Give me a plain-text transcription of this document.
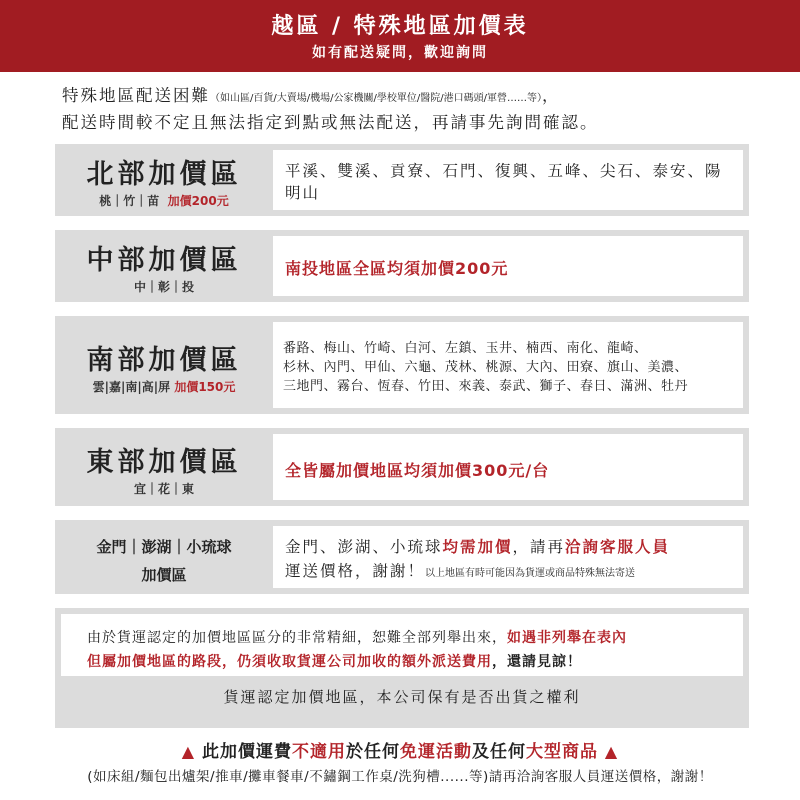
越區 / 特殊地區加價表
如有配送疑問，歡迎詢問
特殊地區配送困難（如山區/百貨/大賣場/機場/公家機關/學校單位/醫院/港口碼頭/軍營……等），
配送時間較不定且無法指定到點或無法配送，再請事先詢問確認。
北部加價區
桃｜竹｜苗 加價200元
平溪、雙溪、貢寮、石門、復興、五峰、尖石、泰安、陽明山
中部加價區
中｜彰｜投
南投地區全區均須加價200元
南部加價區
雲|嘉|南|高|屏 加價150元
番路、梅山、竹崎、白河、左鎮、玉井、楠西、南化、龍崎、
杉林、內門、甲仙、六龜、茂林、桃源、大內、田寮、旗山、美濃、
三地門、霧台、恆春、竹田、來義、泰武、獅子、春日、滿洲、牡丹
東部加價區
宜｜花｜東
全皆屬加價地區均須加價300元/台
金門｜澎湖｜小琉球
加價區
金門、澎湖、小琉球均需加價，請再洽詢客服人員
運送價格，謝謝！以上地區有時可能因為貨運或商品特殊無法寄送
由於貨運認定的加價地區區分的非常精細，恕難全部列舉出來，如遇非列舉在表內
但屬加價地區的路段，仍須收取貨運公司加收的額外派送費用，還請見諒！
貨運認定加價地區，本公司保有是否出貨之權利
▲ 此加價運費不適用於任何免運活動及任何大型商品 ▲
(如床組/麵包出爐架/推車/攤車餐車/不鏽鋼工作桌/洗狗槽......等)請再洽詢客服人員運送價格，謝謝！
